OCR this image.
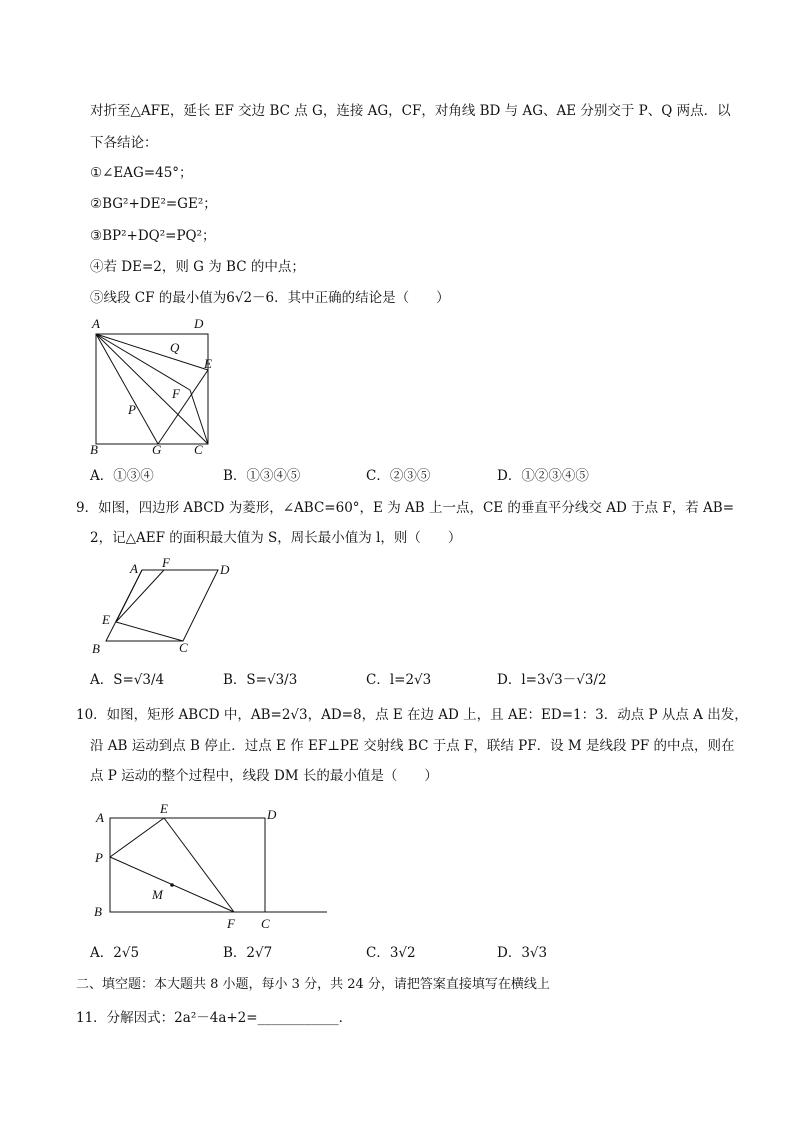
对折至△AFE，延长 EF 交边 BC 点 G，连接 AG，CF，对角线 BD 与 AG、AE 分别交于 P、Q 两点．以
下各结论：
①∠EAG=45°；
②BG²+DE²=GE²；
③BP²+DQ²=PQ²；
④若 DE=2，则 G 为 BC 的中点；
⑤线段 CF 的最小值为6√2－6．其中正确的结论是（　　）
A	D
Q
E
F
P
B	G	C
A．①③④	B．①③④⑤	C．②③⑤	D．①②③④⑤
9．如图，四边形 ABCD 为菱形，∠ABC=60°，E 为 AB 上一点，CE 的垂直平分线交 AD 于点 F，若 AB=
2，记△AEF 的面积最大值为 S，周长最小值为 l，则（　　）
A F	D
E
B	C
A．S=√3/4	B．S=√3/3	C．l=2√3	D．l=3√3－√3/2
10．如图，矩形 ABCD 中，AB=2√3，AD=8，点 E 在边 AD 上，且 AE：ED=1：3．动点 P 从点 A 出发，
沿 AB 运动到点 B 停止．过点 E 作 EF⊥PE 交射线 BC 于点 F，联结 PF．设 M 是线段 PF 的中点，则在
点 P 运动的整个过程中，线段 DM 长的最小值是（　　）
A
E	D
P
M
B
F C
A．2√5	B．2√7	C．3√2	D．3√3
二、填空题：本大题共 8 小题，每小 3 分，共 24 分，请把答案直接填写在横线上
11．分解因式：2a²－4a+2=____________．
